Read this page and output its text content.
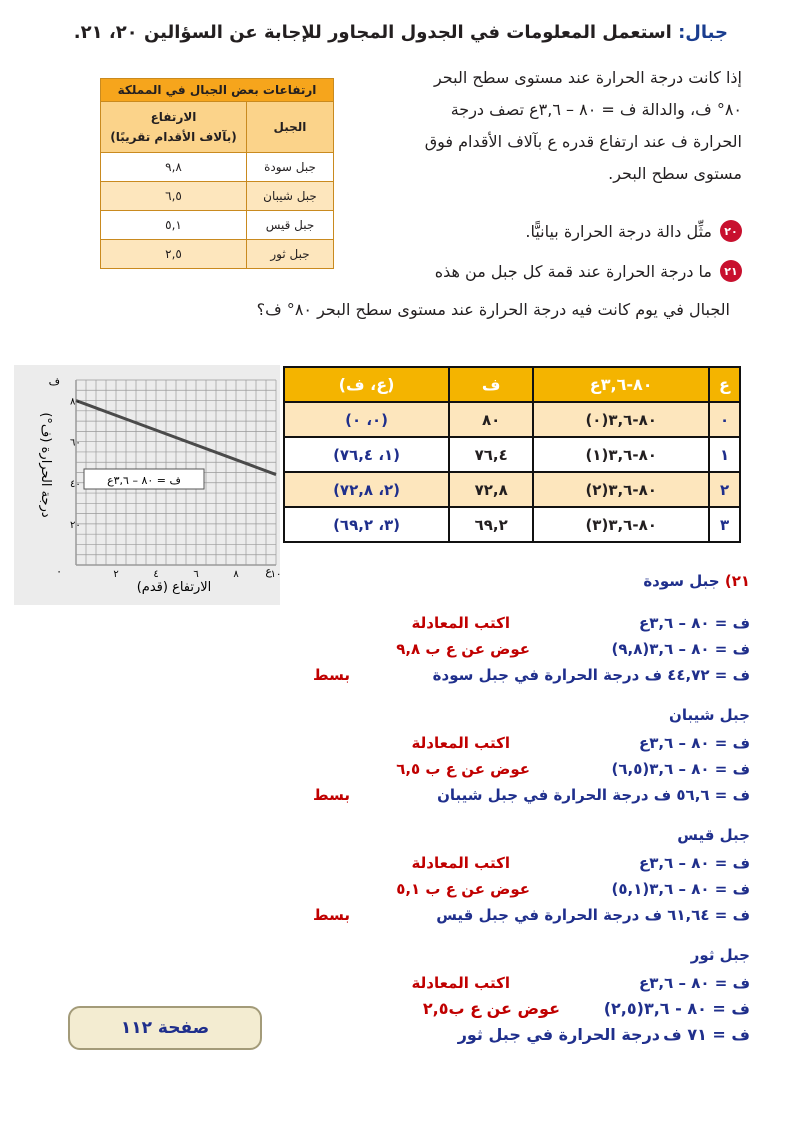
جبال: استعمل المعلومات في الجدول المجاور للإجابة عن السؤالين ٢٠، ٢١.
إذا كانت درجة الحرارة عند مستوى سطح البحر
٨٠° ف، والدالة ف = ٨٠ – ٣,٦ع تصف درجة
الحرارة ف عند ارتفاع قدره ع بآلاف الأقدام فوق
مستوى سطح البحر.
٢٠
مثِّل دالة درجة الحرارة بيانيًّا.
٢١
ما درجة الحرارة عند قمة كل جبل من هذه
الجبال في يوم كانت فيه درجة الحرارة عند مستوى سطح البحر ٨٠° ف؟
ارتفاعات بعض الجبال في المملكة	
الجبل	الارتفاع
(بآلاف الأقدام تقريبًا)

جبل سودة	٩,٨
جبل شيبان	٦,٥
جبل قيس	٥,١
جبل ثور	٢,٥
ف = ٨٠ – ٣,٦ع
٨٠
٦٠
٤٠
٢٠
٢	٤	٦	٨	١٠
ف
ع
٠
الارتفاع (قدم)
درجة الحرارة (ف°)
ع	٨٠-٣,٦ع	ف	(ع، ف)
٠	٨٠-٣,٦(٠)	٨٠	(٠، ٠)
١	٨٠-٣,٦(١)	٧٦,٤	(١، ٧٦,٤)
٢	٨٠-٣,٦(٢)	٧٢,٨	(٢، ٧٢,٨)
٣	٨٠-٣,٦(٣)	٦٩,٢	(٣، ٦٩,٢)
٢١) جبل سودة
ف = ٨٠ – ٣,٦ع
اكتب المعادلة
ف = ٨٠ – ٣,٦(٩,٨)
عوض عن ع ب ٩,٨
ف = ٤٤,٧٢ ف درجة الحرارة في جبل سودة
بسط
جبل شيبان
ف = ٨٠ – ٣,٦ع
اكتب المعادلة
ف = ٨٠ – ٣,٦(٦,٥)
عوض عن ع ب ٦,٥
ف = ٥٦,٦ ف درجة الحرارة في جبل شيبان
بسط
جبل قيس
ف = ٨٠ – ٣,٦ع
اكتب المعادلة
ف = ٨٠ – ٣,٦(٥,١)
عوض عن ع ب ٥,١
ف = ٦١,٦٤ ف درجة الحرارة في جبل قيس
بسط
جبل ثور
ف = ٨٠ – ٣,٦ع
اكتب المعادلة
ف = ٨٠ - ٣,٦(٢,٥)
عوض عن ع ب٢,٥
ف = ٧١ ف
درجة الحرارة في جبل ثور
صفحة ١١٢
